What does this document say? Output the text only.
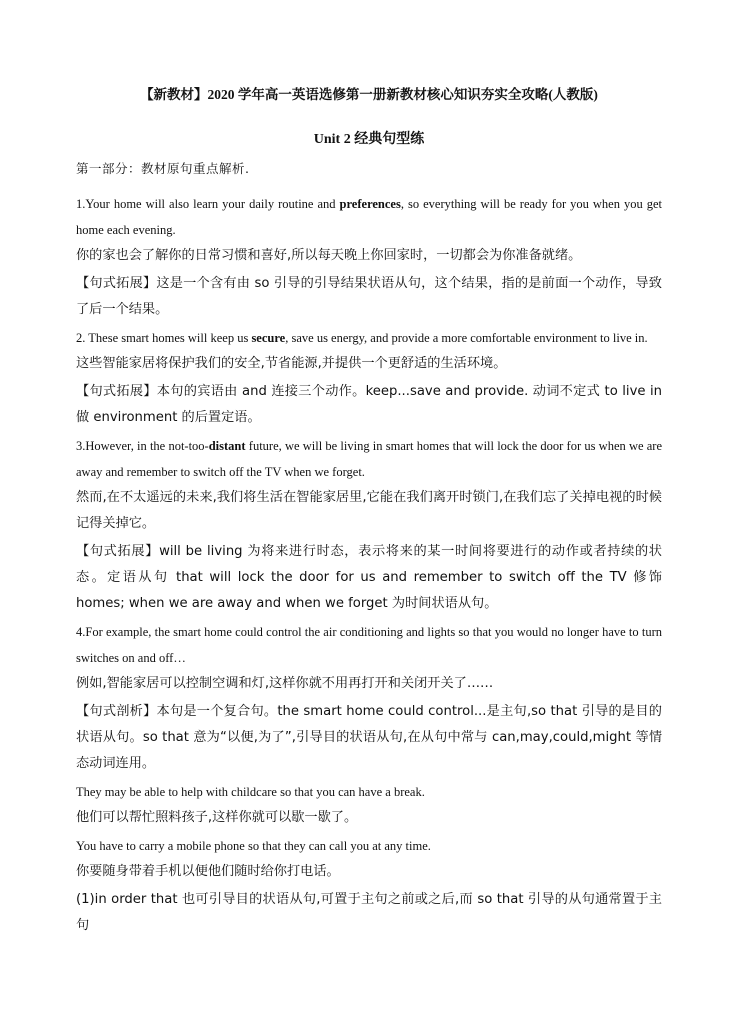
【新教材】2020 学年高一英语选修第一册新教材核心知识夯实全攻略(人教版)
Unit 2 经典句型练
第一部分：教材原句重点解析.

1.Your home will also learn your daily routine and preferences, so everything will be ready for you when you get home each evening.

你的家也会了解你的日常习惯和喜好,所以每天晚上你回家时，一切都会为你准备就绪。

【句式拓展】这是一个含有由 so 引导的引导结果状语从句，这个结果，指的是前面一个动作，导致了后一个结果。

2. These smart homes will keep us secure, save us energy, and provide a more comfortable environment to live in.

这些智能家居将保护我们的安全,节省能源,并提供一个更舒适的生活环境。

【句式拓展】本句的宾语由 and 连接三个动作。keep...save and provide. 动词不定式 to live in 做 environment 的后置定语。

3.However, in the not-too-distant future, we will be living in smart homes that will lock the door for us when we are away and remember to switch off the TV when we forget.

然而,在不太遥远的未来,我们将生活在智能家居里,它能在我们离开时锁门,在我们忘了关掉电视的时候记得关掉它。

【句式拓展】will be living 为将来进行时态，表示将来的某一时间将要进行的动作或者持续的状态。定语从句 that will lock the door for us and remember to switch off the TV 修饰 homes; when we are away and when we forget 为时间状语从句。

4.For example, the smart home could control the air conditioning and lights so that you would no longer have to turn switches on and off…

例如,智能家居可以控制空调和灯,这样你就不用再打开和关闭开关了……

【句式剖析】本句是一个复合句。the smart home could control...是主句,so that 引导的是目的状语从句。so that 意为“以便,为了”,引导目的状语从句,在从句中常与 can,may,could,might 等情态动词连用。

They may be able to help with childcare so that you can have a break.

他们可以帮忙照料孩子,这样你就可以歇一歇了。

You have to carry a mobile phone so that they can call you at any time.

你要随身带着手机以便他们随时给你打电话。

(1)in order that 也可引导目的状语从句,可置于主句之前或之后,而 so that 引导的从句通常置于主句
